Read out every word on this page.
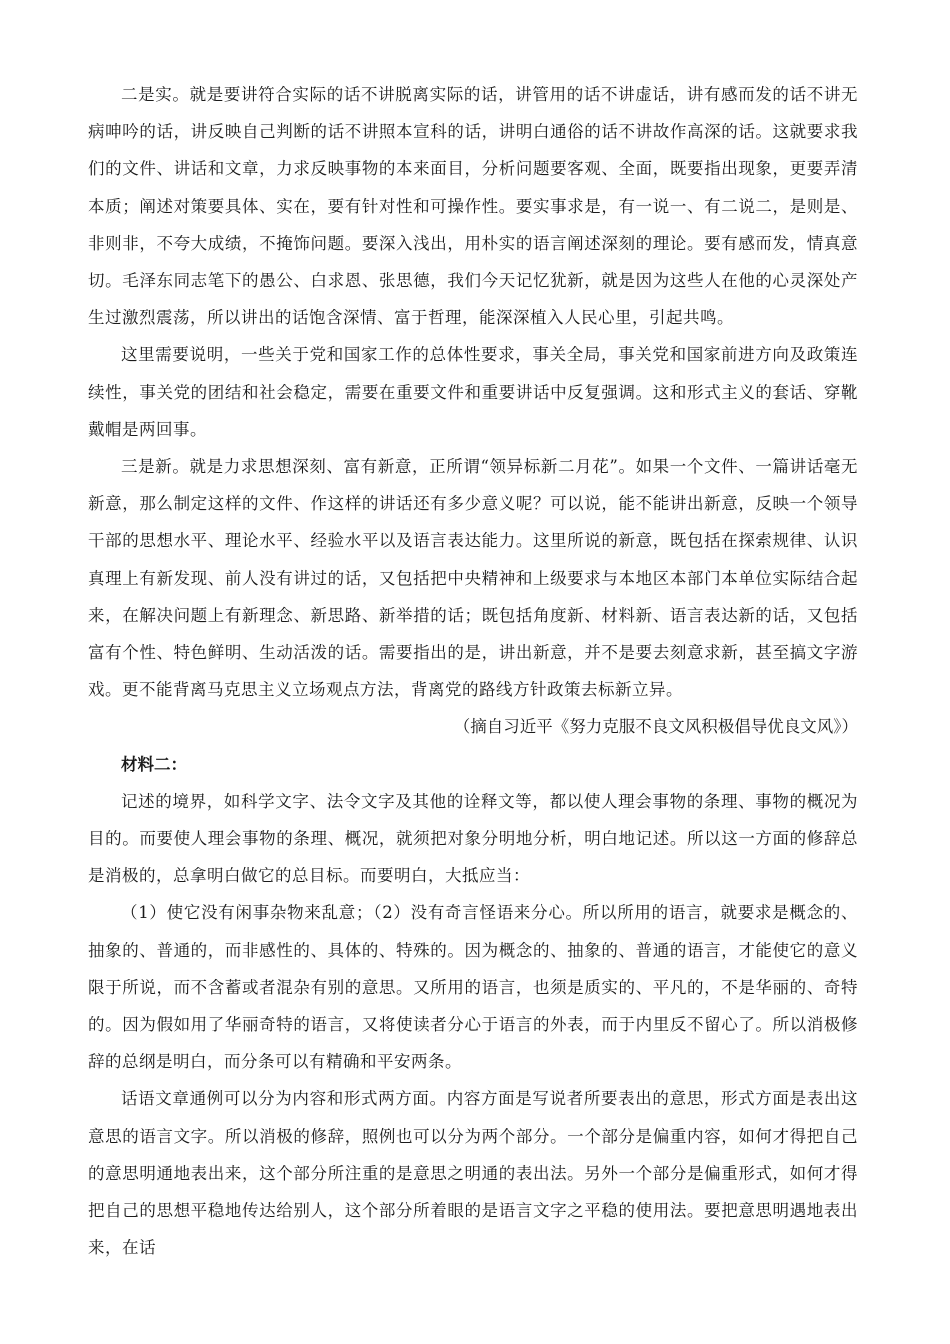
二是实。就是要讲符合实际的话不讲脱离实际的话，讲管用的话不讲虚话，讲有感而发的话不讲无病呻吟的话，讲反映自己判断的话不讲照本宣科的话，讲明白通俗的话不讲故作高深的话。这就要求我们的文件、讲话和文章，力求反映事物的本来面目，分析问题要客观、全面，既要指出现象，更要弄清本质；阐述对策要具体、实在，要有针对性和可操作性。要实事求是，有一说一、有二说二，是则是、非则非，不夸大成绩，不掩饰问题。要深入浅出，用朴实的语言阐述深刻的理论。要有感而发，情真意切。毛泽东同志笔下的愚公、白求恩、张思德，我们今天记忆犹新，就是因为这些人在他的心灵深处产生过激烈震荡，所以讲出的话饱含深情、富于哲理，能深深植入人民心里，引起共鸣。

这里需要说明，一些关于党和国家工作的总体性要求，事关全局，事关党和国家前进方向及政策连续性，事关党的团结和社会稳定，需要在重要文件和重要讲话中反复强调。这和形式主义的套话、穿靴戴帽是两回事。

三是新。就是力求思想深刻、富有新意，正所谓“领异标新二月花”。如果一个文件、一篇讲话毫无新意，那么制定这样的文件、作这样的讲话还有多少意义呢？可以说，能不能讲出新意，反映一个领导干部的思想水平、理论水平、经验水平以及语言表达能力。这里所说的新意，既包括在探索规律、认识真理上有新发现、前人没有讲过的话，又包括把中央精神和上级要求与本地区本部门本单位实际结合起来，在解决问题上有新理念、新思路、新举措的话；既包括角度新、材料新、语言表达新的话，又包括富有个性、特色鲜明、生动活泼的话。需要指出的是，讲出新意，并不是要去刻意求新，甚至搞文字游戏。更不能背离马克思主义立场观点方法，背离党的路线方针政策去标新立异。

（摘自习近平《努力克服不良文风积极倡导优良文风》）

材料二：

记述的境界，如科学文字、法令文字及其他的诠释文等，都以使人理会事物的条理、事物的概况为目的。而要使人理会事物的条理、概况，就须把对象分明地分析，明白地记述。所以这一方面的修辞总是消极的，总拿明白做它的总目标。而要明白，大抵应当：

（1）使它没有闲事杂物来乱意；（2）没有奇言怪语来分心。所以所用的语言，就要求是概念的、抽象的、普通的，而非感性的、具体的、特殊的。因为概念的、抽象的、普通的语言，才能使它的意义限于所说，而不含蓄或者混杂有别的意思。又所用的语言，也须是质实的、平凡的，不是华丽的、奇特的。因为假如用了华丽奇特的语言，又将使读者分心于语言的外表，而于内里反不留心了。所以消极修辞的总纲是明白，而分条可以有精确和平安两条。

话语文章通例可以分为内容和形式两方面。内容方面是写说者所要表出的意思，形式方面是表出这意思的语言文字。所以消极的修辞，照例也可以分为两个部分。一个部分是偏重内容，如何才得把自己的意思明通地表出来，这个部分所注重的是意思之明通的表出法。另外一个部分是偏重形式，如何才得把自己的思想平稳地传达给别人，这个部分所着眼的是语言文字之平稳的使用法。要把意思明遇地表出来，在话
